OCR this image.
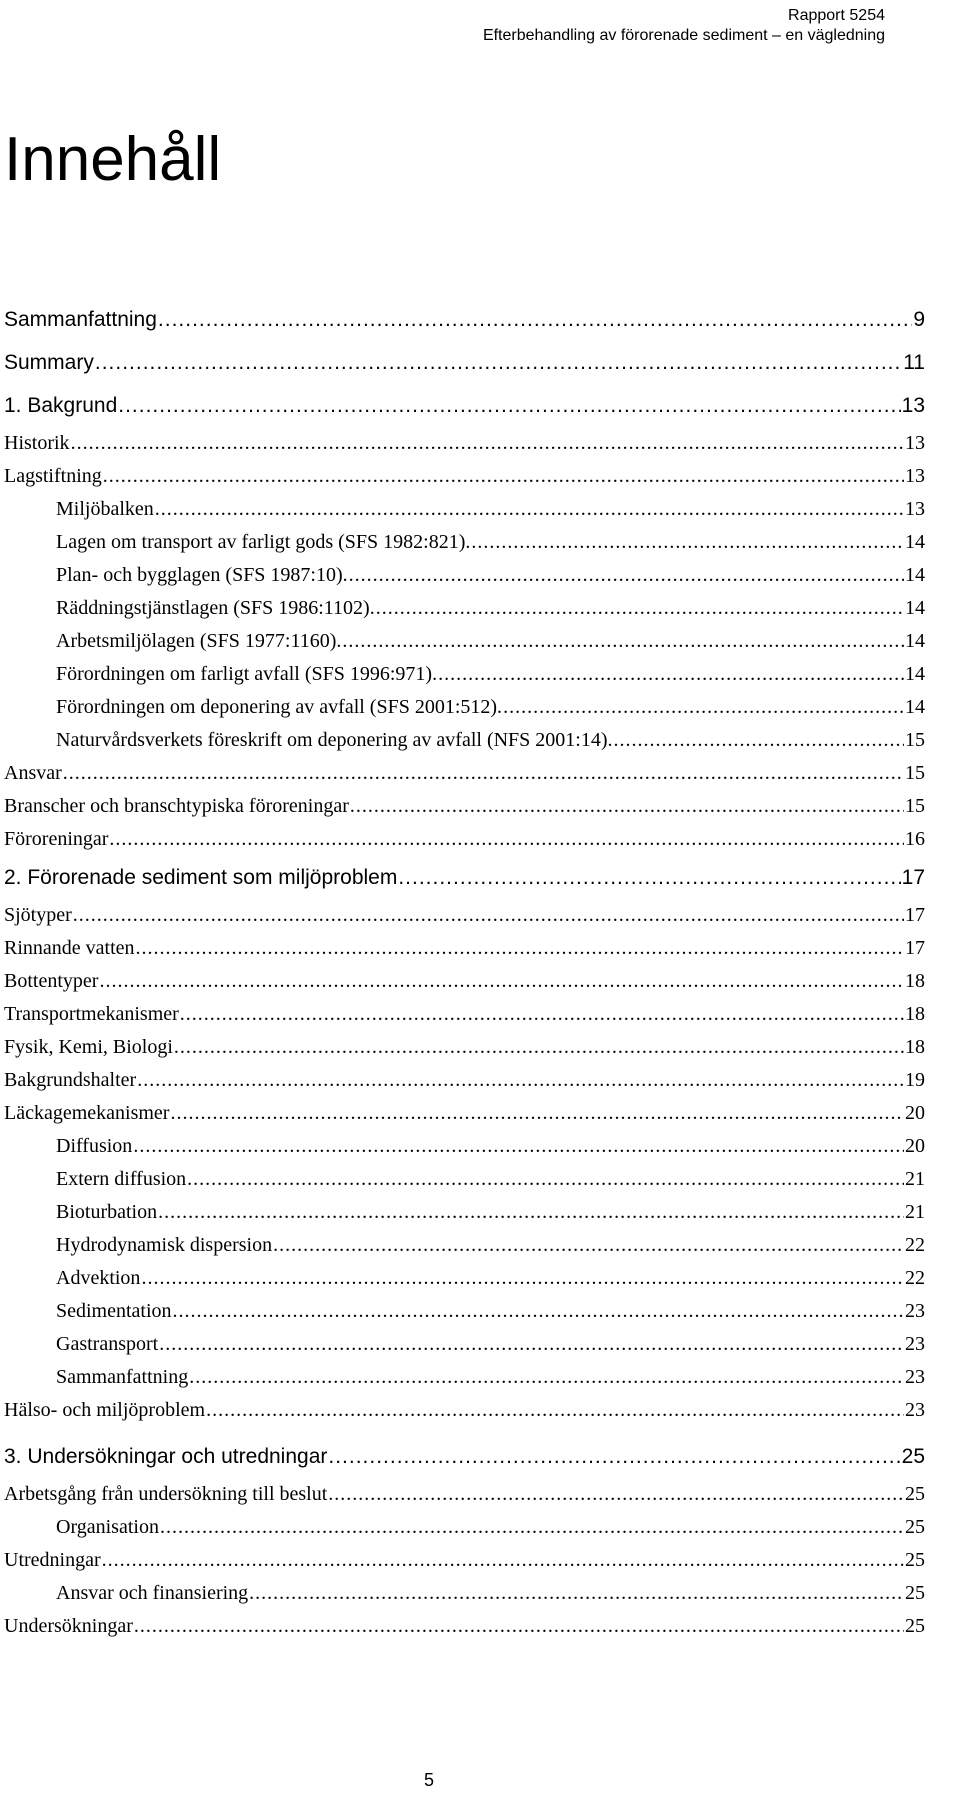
Rapport 5254
Efterbehandling av förorenade sediment – en vägledning
Innehåll
Sammanfattning .....	9
Summary .....	11
1. Bakgrund .....	13
Historik .....	13
Lagstiftning .....	13
Miljöbalken .....	13
Lagen om transport av farligt gods (SFS 1982:821). .....	14
Plan- och bygglagen (SFS 1987:10). .....	14
Räddningstjänstlagen (SFS 1986:1102). .....	14
Arbetsmiljölagen (SFS 1977:1160). .....	14
Förordningen om farligt avfall (SFS 1996:971). .....	14
Förordningen om deponering av avfall (SFS 2001:512). .....	14
Naturvårdsverkets föreskrift om deponering av avfall (NFS 2001:14). .....	15
Ansvar .....	15
Branscher och branschtypiska föroreningar .....	15
Föroreningar .....	16
2. Förorenade sediment som miljöproblem .....	17
Sjötyper .....	17
Rinnande vatten .....	17
Bottentyper .....	18
Transportmekanismer .....	18
Fysik, Kemi, Biologi .....	18
Bakgrundshalter .....	19
Läckagemekanismer .....	20
Diffusion .....	20
Extern diffusion .....	21
Bioturbation .....	21
Hydrodynamisk dispersion .....	22
Advektion .....	22
Sedimentation .....	23
Gastransport .....	23
Sammanfattning .....	23
Hälso- och miljöproblem .....	23
3. Undersökningar och utredningar .....	25
Arbetsgång från undersökning till beslut .....	25
Organisation .....	25
Utredningar .....	25
Ansvar och finansiering .....	25
Undersökningar .....	25
5
